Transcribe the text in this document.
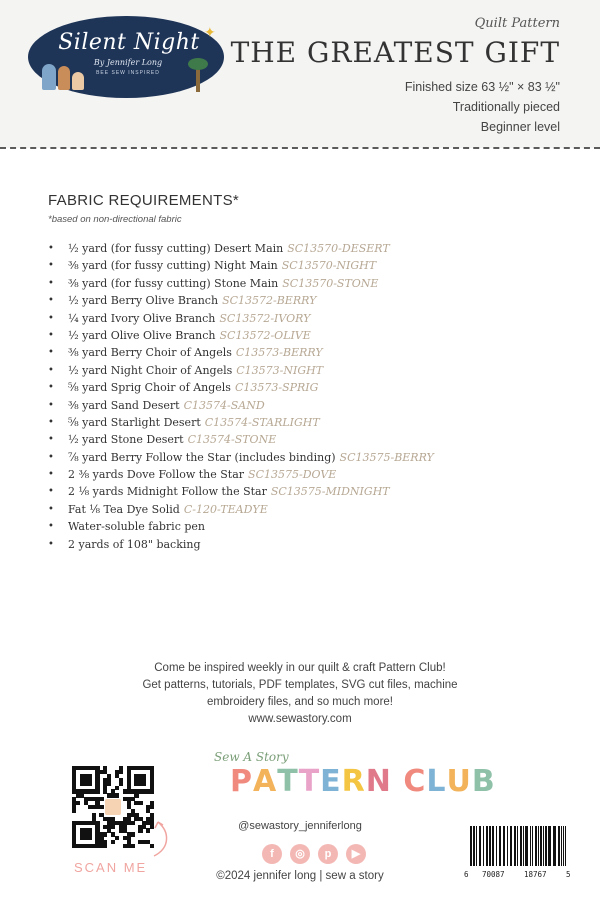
✦
Silent Night
By Jennifer Long
BEE SEW INSPIRED
Quilt Pattern
THE GREATEST GIFT
Finished size 63 ½" × 83 ½"
Traditionally pieced
Beginner level
FABRIC REQUIREMENTS*
*based on non-directional fabric
• ½ yard (for fussy cutting) Desert Main SC13570-DESERT
• ⅜ yard (for fussy cutting) Night Main SC13570-NIGHT
• ⅜ yard (for fussy cutting) Stone Main SC13570-STONE
• ½ yard Berry Olive Branch SC13572-BERRY
• ¼ yard Ivory Olive Branch SC13572-IVORY
• ½ yard Olive Olive Branch SC13572-OLIVE
• ⅜ yard Berry Choir of Angels C13573-BERRY
• ½ yard Night Choir of Angels C13573-NIGHT
• ⅝ yard Sprig Choir of Angels C13573-SPRIG
• ⅜ yard Sand Desert C13574-SAND
• ⅝ yard Starlight Desert C13574-STARLIGHT
• ½ yard Stone Desert C13574-STONE
• ⅞ yard Berry Follow the Star (includes binding) SC13575-BERRY
• 2 ⅜ yards Dove Follow the Star SC13575-DOVE
• 2 ⅛ yards Midnight Follow the Star SC13575-MIDNIGHT
• Fat ⅛ Tea Dye Solid C-120-TEADYE
• Water-soluble fabric pen
• 2 yards of 108" backing
Come be inspired weekly in our quilt & craft Pattern Club!
Get patterns, tutorials, PDF templates, SVG cut files, machine
embroidery files, and so much more!
www.sewastory.com
SCAN ME
Sew A Story
PATTERN CLUB
@sewastory_jenniferlong
f	◎	p	▶
©2024 jennifer long | sew a story	6 70087	18767	5
